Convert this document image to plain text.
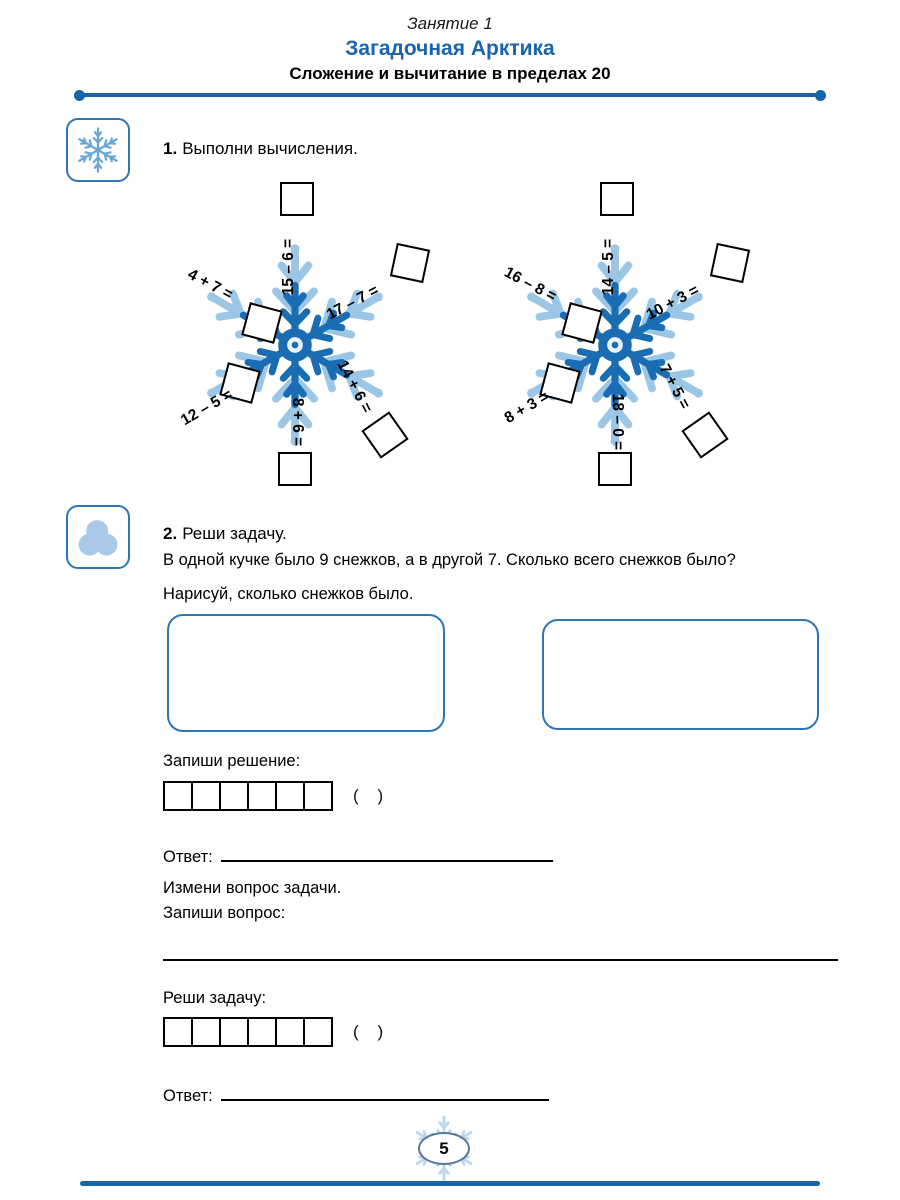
Занятие 1
Загадочная Арктика
Сложение и вычитание в пределах 20
1. Выполни вычисления.
15 – 6 =
17 – 7 =
14 + 6 =
8 + 6 =
12 – 5 =
4 + 7 =	14 – 5 =
10 + 3 =
7 + 5 =
18 – 0 =
8 + 3 =
16 – 8 =
2. Реши задачу.
В одной кучке было 9 снежков, а в другой 7. Сколько всего снежков было?
Нарисуй, сколько снежков было.
Запиши решение:
(    )
Ответ:
Измени вопрос задачи.
Запиши вопрос:
Реши задачу:
(    )
Ответ:
5
